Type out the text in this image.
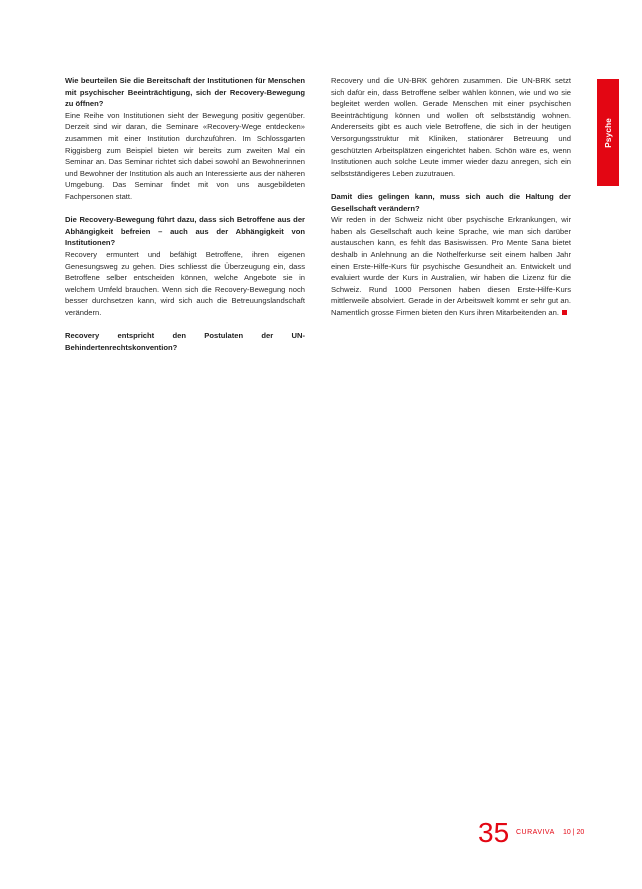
Psyche

Wie beurteilen Sie die Bereitschaft der Institutionen für Menschen mit psychischer Beeinträchtigung, sich der Recovery-Bewegung zu öffnen?

Eine Reihe von Institutionen sieht der Bewegung positiv gegenüber. Derzeit sind wir daran, die Seminare «Recovery-Wege entdecken» zusammen mit einer Institution durchzuführen. Im Schlossgarten Riggisberg zum Beispiel bieten wir bereits zum zweiten Mal ein Seminar an. Das Seminar richtet sich dabei sowohl an Bewohnerinnen und Bewohner der Institution als auch an Interessierte aus der näheren Umgebung. Das Seminar findet mit von uns ausgebildeten Fachpersonen statt.

Die Recovery-Bewegung führt dazu, dass sich Betroffene aus der Abhängigkeit befreien – auch aus der Abhängigkeit von Institutionen?

Recovery ermuntert und befähigt Betroffene, ihren eigenen Genesungsweg zu gehen. Dies schliesst die Überzeugung ein, dass Betroffene selber entscheiden können, welche Angebote sie in welchem Umfeld brauchen. Wenn sich die Recovery-Bewegung noch besser durchsetzen kann, wird sich auch die Betreuungslandschaft verändern.

Recovery entspricht den Postulaten der UN-Behindertenrechtskonvention?

Recovery und die UN-BRK gehören zusammen. Die UN-BRK setzt sich dafür ein, dass Betroffene selber wählen können, wie und wo sie begleitet werden wollen. Gerade Menschen mit einer psychischen Beeinträchtigung können und wollen oft selbstständig wohnen. Andererseits gibt es auch viele Betroffene, die sich in der heutigen Versorgungsstruktur mit Kliniken, stationärer Betreuung und geschützten Arbeitsplätzen eingerichtet haben. Schön wäre es, wenn Institutionen auch solche Leute immer wieder dazu anregen, sich ein selbstständigeres Leben zuzutrauen.

Damit dies gelingen kann, muss sich auch die Haltung der Gesellschaft verändern?

Wir reden in der Schweiz nicht über psychische Erkrankungen, wir haben als Gesellschaft auch keine Sprache, wie man sich darüber austauschen kann, es fehlt das Basiswissen. Pro Mente Sana bietet deshalb in Anlehnung an die Nothelferkurse seit einem halben Jahr einen Erste-Hilfe-Kurs für psychische Gesundheit an. Entwickelt und evaluiert wurde der Kurs in Australien, wir haben die Lizenz für die Schweiz. Rund 1000 Personen haben diesen Erste-Hilfe-Kurs mittlerweile absolviert. Gerade in der Arbeitswelt kommt er sehr gut an. Namentlich grosse Firmen bieten den Kurs ihren Mitarbeitenden an.

35 CURAVIVA 10 | 20
